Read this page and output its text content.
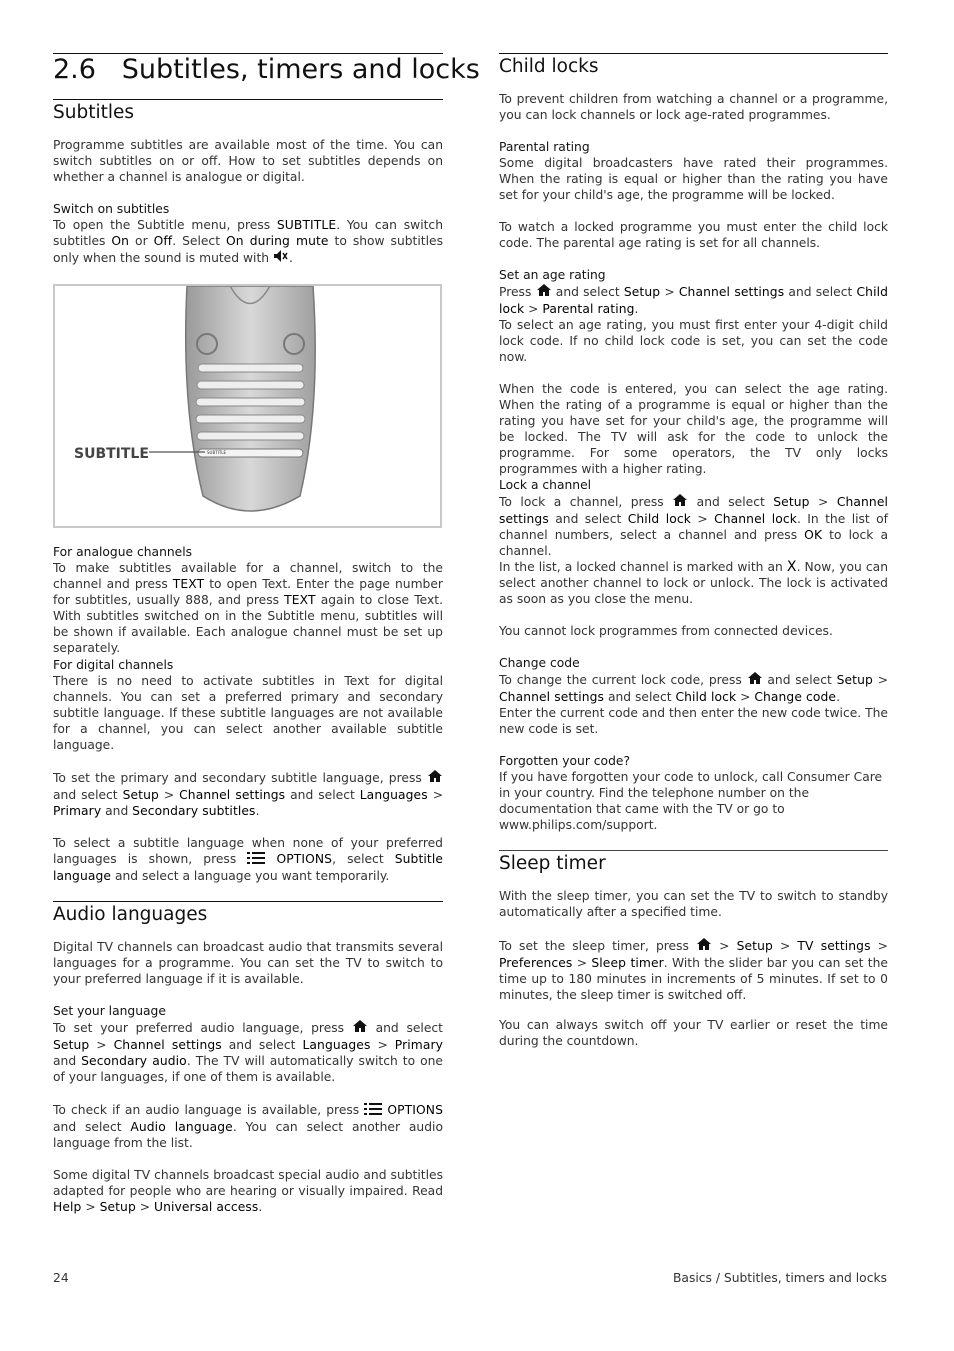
2.6 Subtitles, timers and locks
Subtitles

Programme subtitles are available most of the time. You can switch subtitles on or off. How to set subtitles depends on whether a channel is analogue or digital.

Switch on subtitles

To open the Subtitle menu, press SUBTITLE. You can switch subtitles On or Off. Select On during mute to show subtitles only when the sound is muted with .

SUBTITLE
SUBTITLE
For analogue channels

To make subtitles available for a channel, switch to the channel and press TEXT to open Text. Enter the page number for subtitles, usually 888, and press TEXT again to close Text. With subtitles switched on in the Subtitle menu, subtitles will be shown if available. Each analogue channel must be set up separately.

For digital channels

There is no need to activate subtitles in Text for digital channels. You can set a preferred primary and secondary subtitle language. If these subtitle languages are not available for a channel, you can select another available subtitle language.

To set the primary and secondary subtitle language, press  and select Setup > Channel settings and select Languages > Primary and Secondary subtitles.

To select a subtitle language when none of your preferred languages is shown, press  OPTIONS, select Subtitle language and select a language you want temporarily.

Audio languages

Digital TV channels can broadcast audio that transmits several languages for a programme. You can set the TV to switch to your preferred language if it is available.

Set your language

To set your preferred audio language, press  and select Setup > Channel settings and select Languages > Primary and Secondary audio. The TV will automatically switch to one of your languages, if one of them is available.

To check if an audio language is available, press  OPTIONS and select Audio language. You can select another audio language from the list.

Some digital TV channels broadcast special audio and subtitles adapted for people who are hearing or visually impaired. Read Help > Setup > Universal access.

Child locks

To prevent children from watching a channel or a programme, you can lock channels or lock age-rated programmes.

Parental rating

Some digital broadcasters have rated their programmes. When the rating is equal or higher than the rating you have set for your child's age, the programme will be locked.

To watch a locked programme you must enter the child lock code. The parental age rating is set for all channels.

Set an age rating

Press  and select Setup > Channel settings and select Child lock > Parental rating.

To select an age rating, you must first enter your 4-digit child lock code. If no child lock code is set, you can set the code now.

When the code is entered, you can select the age rating. When the rating of a programme is equal or higher than the rating you have set for your child's age, the programme will be locked. The TV will ask for the code to unlock the programme. For some operators, the TV only locks programmes with a higher rating.

Lock a channel

To lock a channel, press  and select Setup > Channel settings and select Child lock > Channel lock. In the list of channel numbers, select a channel and press OK to lock a channel.

In the list, a locked channel is marked with an X. Now, you can select another channel to lock or unlock. The lock is activated as soon as you close the menu.

You cannot lock programmes from connected devices.

Change code

To change the current lock code, press  and select Setup > Channel settings and select Child lock > Change code.

Enter the current code and then enter the new code twice. The new code is set.

Forgotten your code?

If you have forgotten your code to unlock, call Consumer Care in your country. Find the telephone number on the documentation that came with the TV or go to www.philips.com/support.

Sleep timer

With the sleep timer, you can set the TV to switch to standby automatically after a specified time.

To set the sleep timer, press  > Setup > TV settings > Preferences > Sleep timer. With the slider bar you can set the time up to 180 minutes in increments of 5 minutes. If set to 0 minutes, the sleep timer is switched off.

You can always switch off your TV earlier or reset the time during the countdown.

24	Basics / Subtitles, timers and locks
